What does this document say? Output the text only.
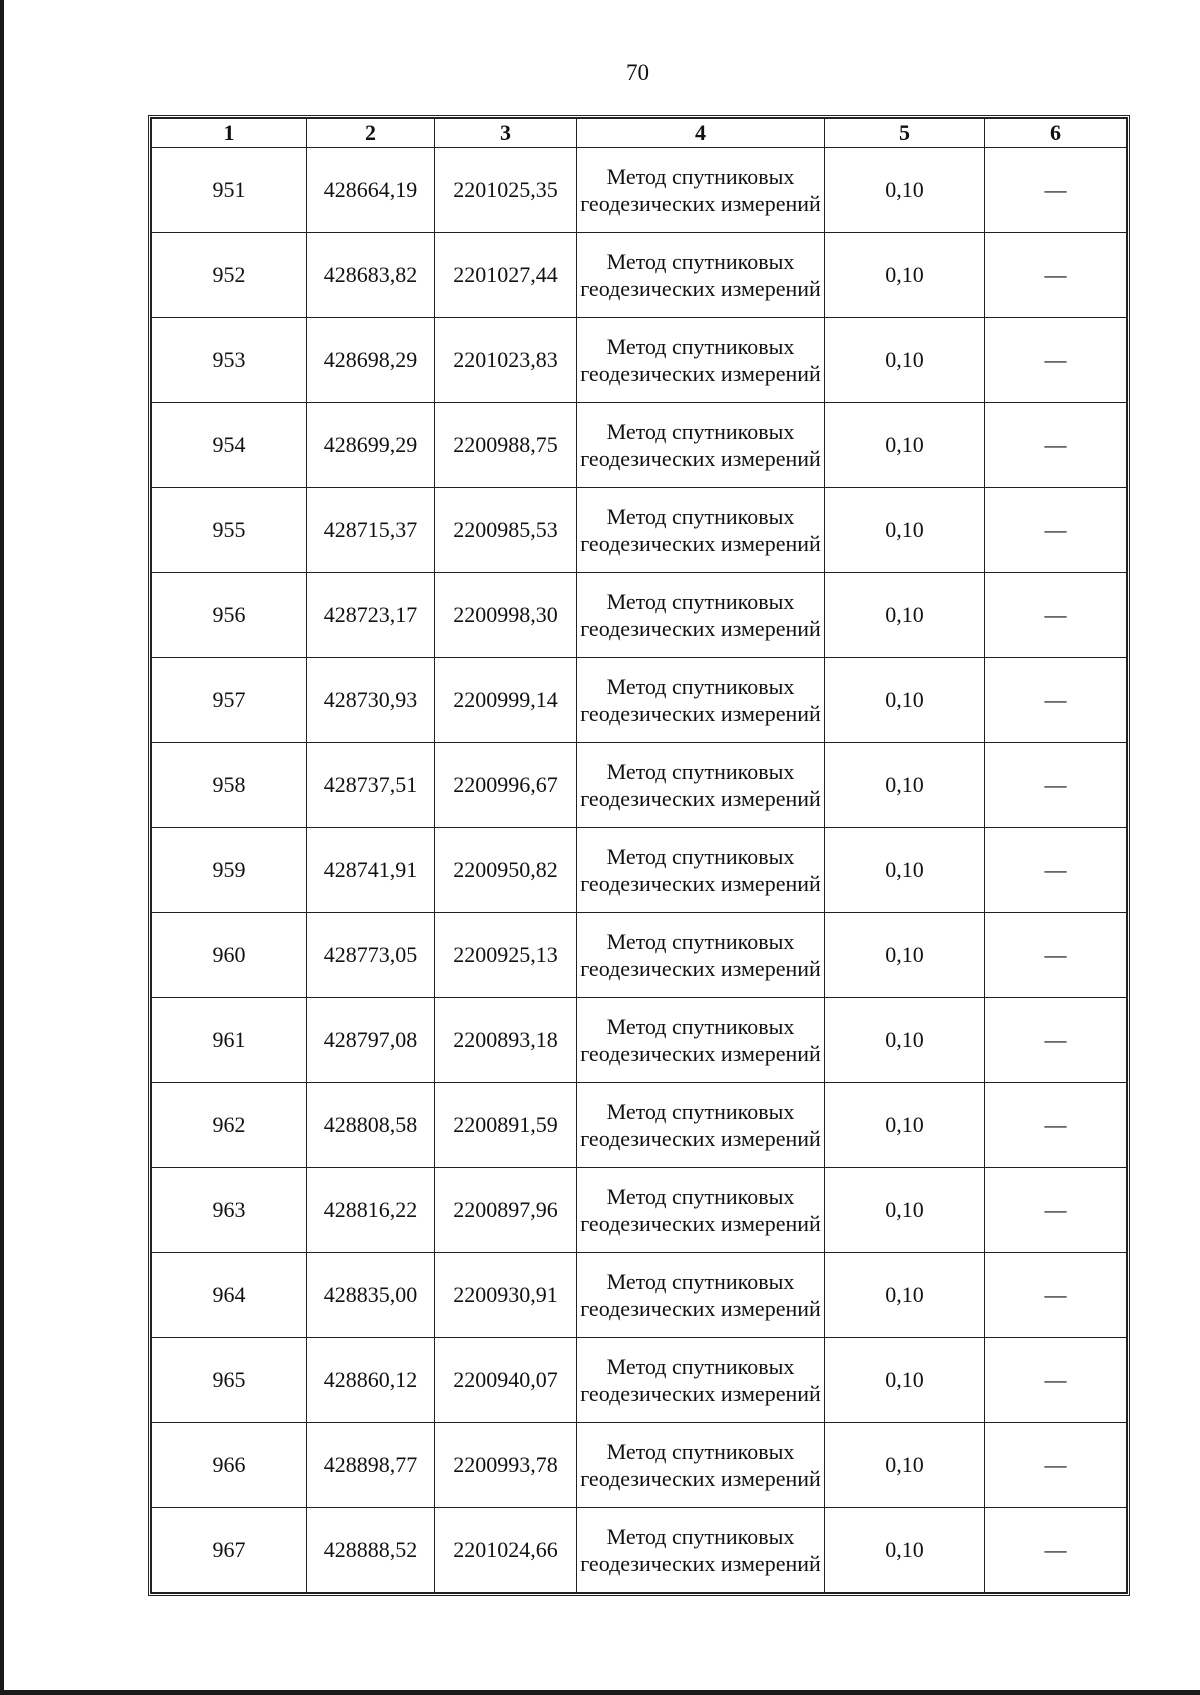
70
1	2	3	4	5	6
951	428664,19	2201025,35	Метод спутниковых геодезических измерений	0,10	—
952	428683,82	2201027,44	Метод спутниковых геодезических измерений	0,10	—
953	428698,29	2201023,83	Метод спутниковых геодезических измерений	0,10	—
954	428699,29	2200988,75	Метод спутниковых геодезических измерений	0,10	—
955	428715,37	2200985,53	Метод спутниковых геодезических измерений	0,10	—
956	428723,17	2200998,30	Метод спутниковых геодезических измерений	0,10	—
957	428730,93	2200999,14	Метод спутниковых геодезических измерений	0,10	—
958	428737,51	2200996,67	Метод спутниковых геодезических измерений	0,10	—
959	428741,91	2200950,82	Метод спутниковых геодезических измерений	0,10	—
960	428773,05	2200925,13	Метод спутниковых геодезических измерений	0,10	—
961	428797,08	2200893,18	Метод спутниковых геодезических измерений	0,10	—
962	428808,58	2200891,59	Метод спутниковых геодезических измерений	0,10	—
963	428816,22	2200897,96	Метод спутниковых геодезических измерений	0,10	—
964	428835,00	2200930,91	Метод спутниковых геодезических измерений	0,10	—
965	428860,12	2200940,07	Метод спутниковых геодезических измерений	0,10	—
966	428898,77	2200993,78	Метод спутниковых геодезических измерений	0,10	—
967	428888,52	2201024,66	Метод спутниковых геодезических измерений	0,10	—
